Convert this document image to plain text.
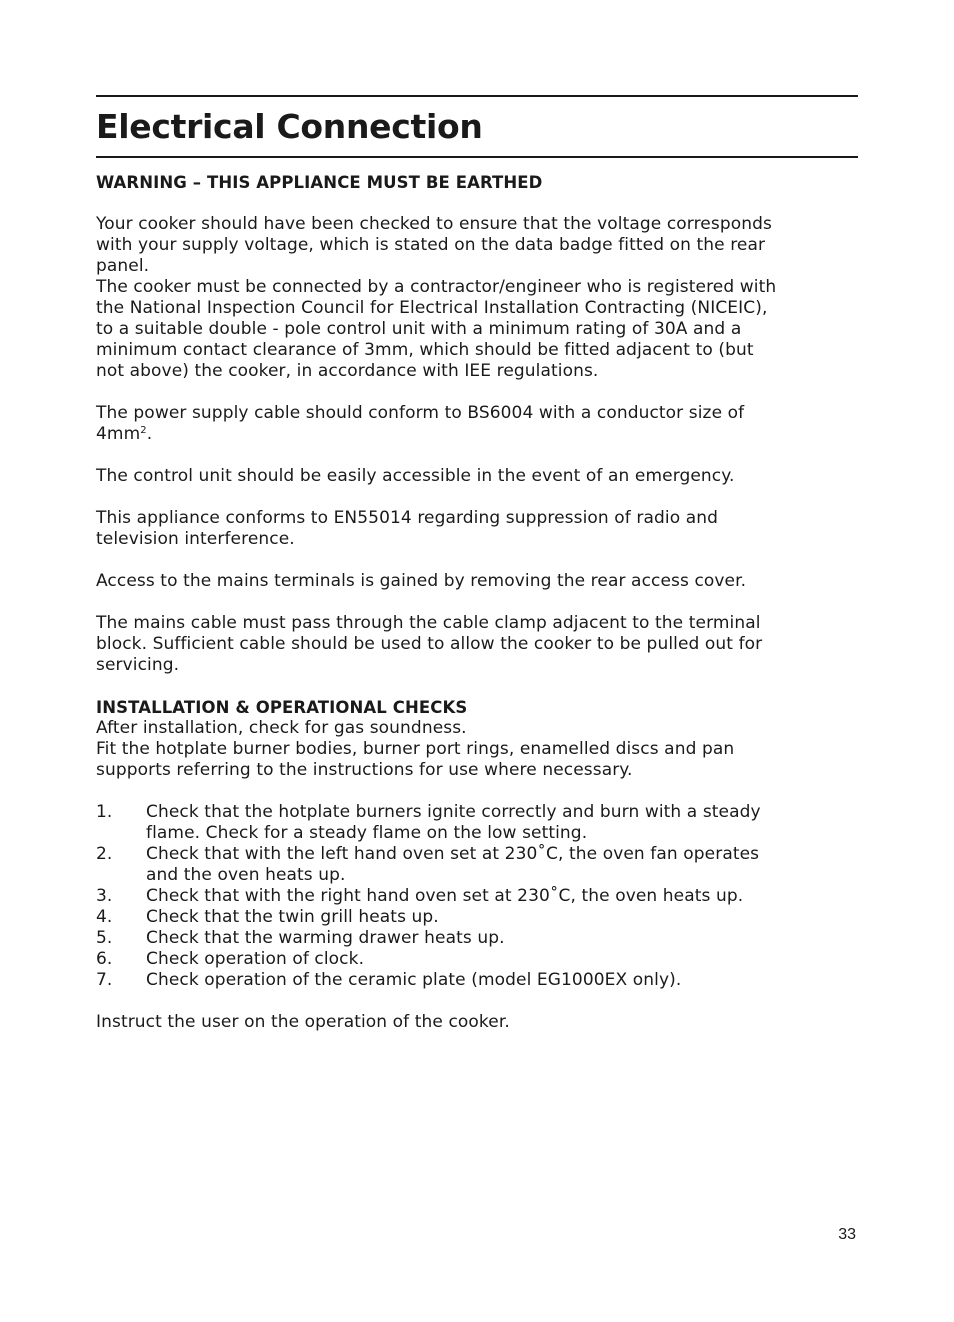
Electrical Connection
WARNING – THIS APPLIANCE MUST BE EARTHED
Your cooker should have been checked to ensure that the voltage corresponds
with your supply voltage, which is stated on the data badge fitted on the rear
panel.
The cooker must be connected by a contractor/engineer who is registered with
the National Inspection Council for Electrical Installation Contracting (NICEIC),
to a suitable double - pole control unit with a minimum rating of 30A and a
minimum contact clearance of 3mm, which should be fitted adjacent to (but
not above) the cooker, in accordance with IEE regulations.
The power supply cable should conform to BS6004 with a conductor size of
$4mm^2$.
The control unit should be easily accessible in the event of an emergency.
This appliance conforms to EN55014 regarding suppression of radio and
television interference.
Access to the mains terminals is gained by removing the rear access cover.
The mains cable must pass through the cable clamp adjacent to the terminal
block. Sufficient cable should be used to allow the cooker to be pulled out for
servicing.
INSTALLATION & OPERATIONAL CHECKS
After installation, check for gas soundness.
Fit the hotplate burner bodies, burner port rings, enamelled discs and pan
supports referring to the instructions for use where necessary.
1. Check that the hotplate burners ignite correctly and burn with a steady
flame. Check for a steady flame on the low setting.
2. Check that with the left hand oven set at 230˚C, the oven fan operates
and the oven heats up.
3. Check that with the right hand oven set at 230˚C, the oven heats up.
4. Check that the twin grill heats up.
5. Check that the warming drawer heats up.
6. Check operation of clock.
7. Check operation of the ceramic plate (model EG1000EX only).
Instruct the user on the operation of the cooker.
33
